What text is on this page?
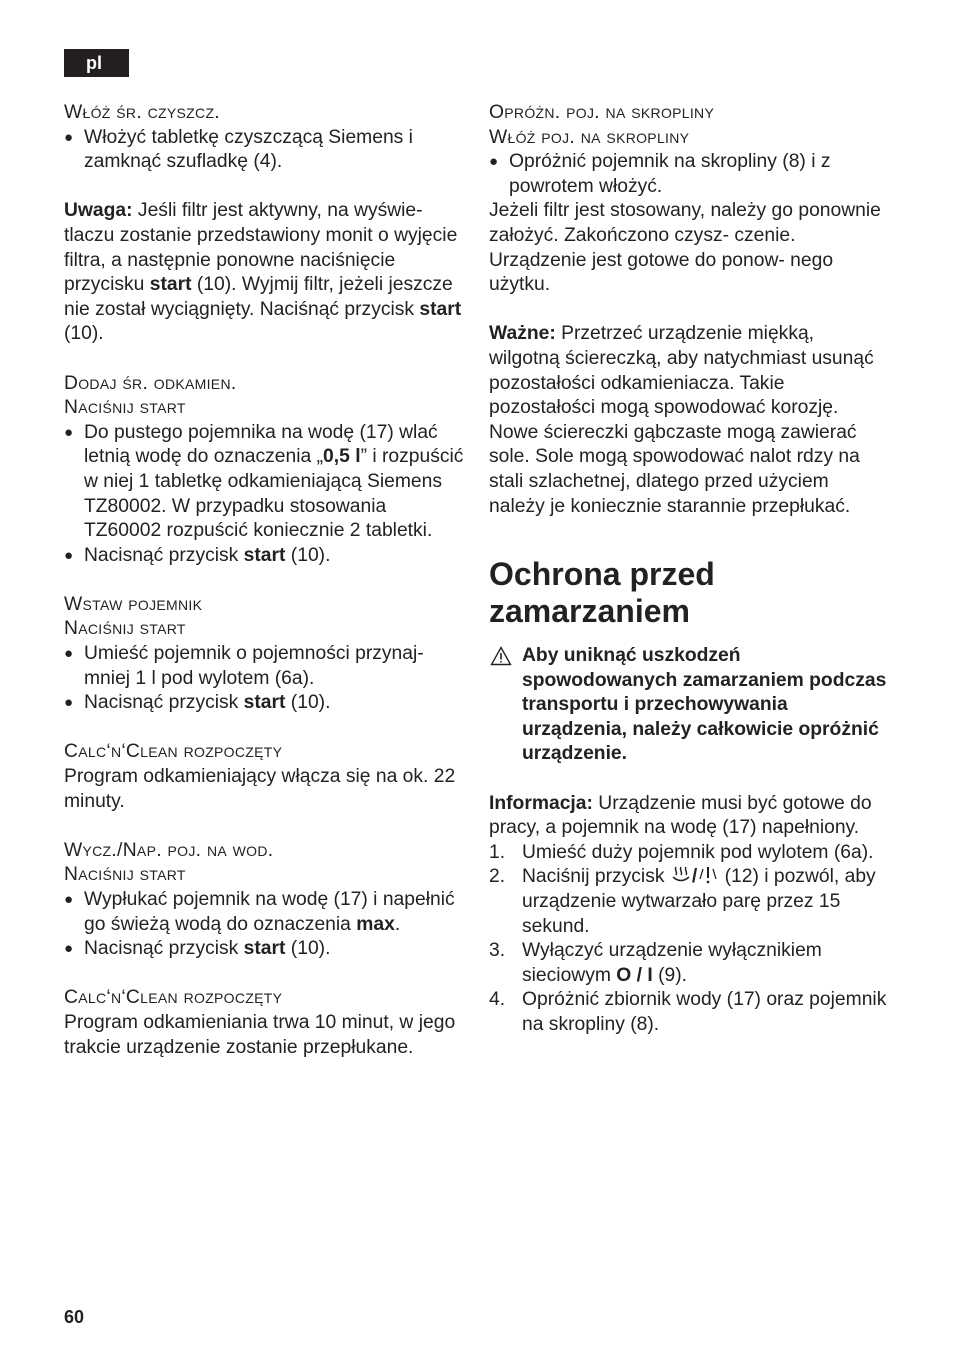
pl
Włóż śr. czyszcz.
● Włożyć tabletkę czyszczącą Siemens i zamknąć szufladkę (4).
Uwaga: Jeśli filtr jest aktywny, na wyświe- tlaczu zostanie przedstawiony monit o wyjęcie filtra, a następnie ponowne naciśnięcie przycisku start (10). Wyjmij filtr, jeżeli jeszcze nie został wyciągnięty. Naciśnąć przycisk start (10).
Dodaj śr. odkamien.
Naciśnij start
● Do pustego pojemnika na wodę (17) wlać letnią wodę do oznaczenia „0,5 l” i rozpuścić w niej 1 tabletkę odkamieniającą Siemens TZ80002. W przypadku stosowania TZ60002 rozpuścić koniecznie 2 tabletki.
● Nacisnąć przycisk start (10).
Wstaw pojemnik
Naciśnij start
● Umieść pojemnik o pojemności przynaj- mniej 1 l pod wylotem (6a).
● Nacisnąć przycisk start (10).
Calc‘n‘Clean rozpoczęty
Program odkamieniający włącza się na ok. 22 minuty.
Wycz./Nap. poj. na wod.
Naciśnij start
● Wypłukać pojemnik na wodę (17) i napełnić go świeżą wodą do oznaczenia max.
● Nacisnąć przycisk start (10).
Calc‘n‘Clean rozpoczęty
Program odkamieniania trwa 10 minut, w jego trakcie urządzenie zostanie przepłukane.
Opróżn. poj. na skropliny
Włóż poj. na skropliny
● Opróżnić pojemnik na skropliny (8) i z powrotem włożyć.
Jeżeli filtr jest stosowany, należy go ponownie założyć. Zakończono czysz- czenie. Urządzenie jest gotowe do ponow- nego użytku.
Ważne: Przetrzeć urządzenie miękką, wilgotną ściereczką, aby natychmiast usunąć pozostałości odkamieniacza. Takie pozostałości mogą spowodować korozję. Nowe ściereczki gąbczaste mogą zawierać sole. Sole mogą spowodować nalot rdzy na stali szlachetnej, dlatego przed użyciem należy je koniecznie starannie przepłukać.
Ochrona przed
zamarzaniem
Aby uniknąć uszkodzeń spowodowanych zamarzaniem podczas transportu i przechowywania urządzenia, należy całkowicie opróżnić urządzenie.
Informacja: Urządzenie musi być gotowe do pracy, a pojemnik na wodę (17) napełniony.
1. Umieść duży pojemnik pod wylotem (6a).
2. Naciśnij przycisk / (12) i pozwól, aby urządzenie wytwarzało parę przez 15 sekund.
3. Wyłączyć urządzenie wyłącznikiem sieciowym O / I (9).
4. Opróżnić zbiornik wody (17) oraz pojemnik na skropliny (8).
60
